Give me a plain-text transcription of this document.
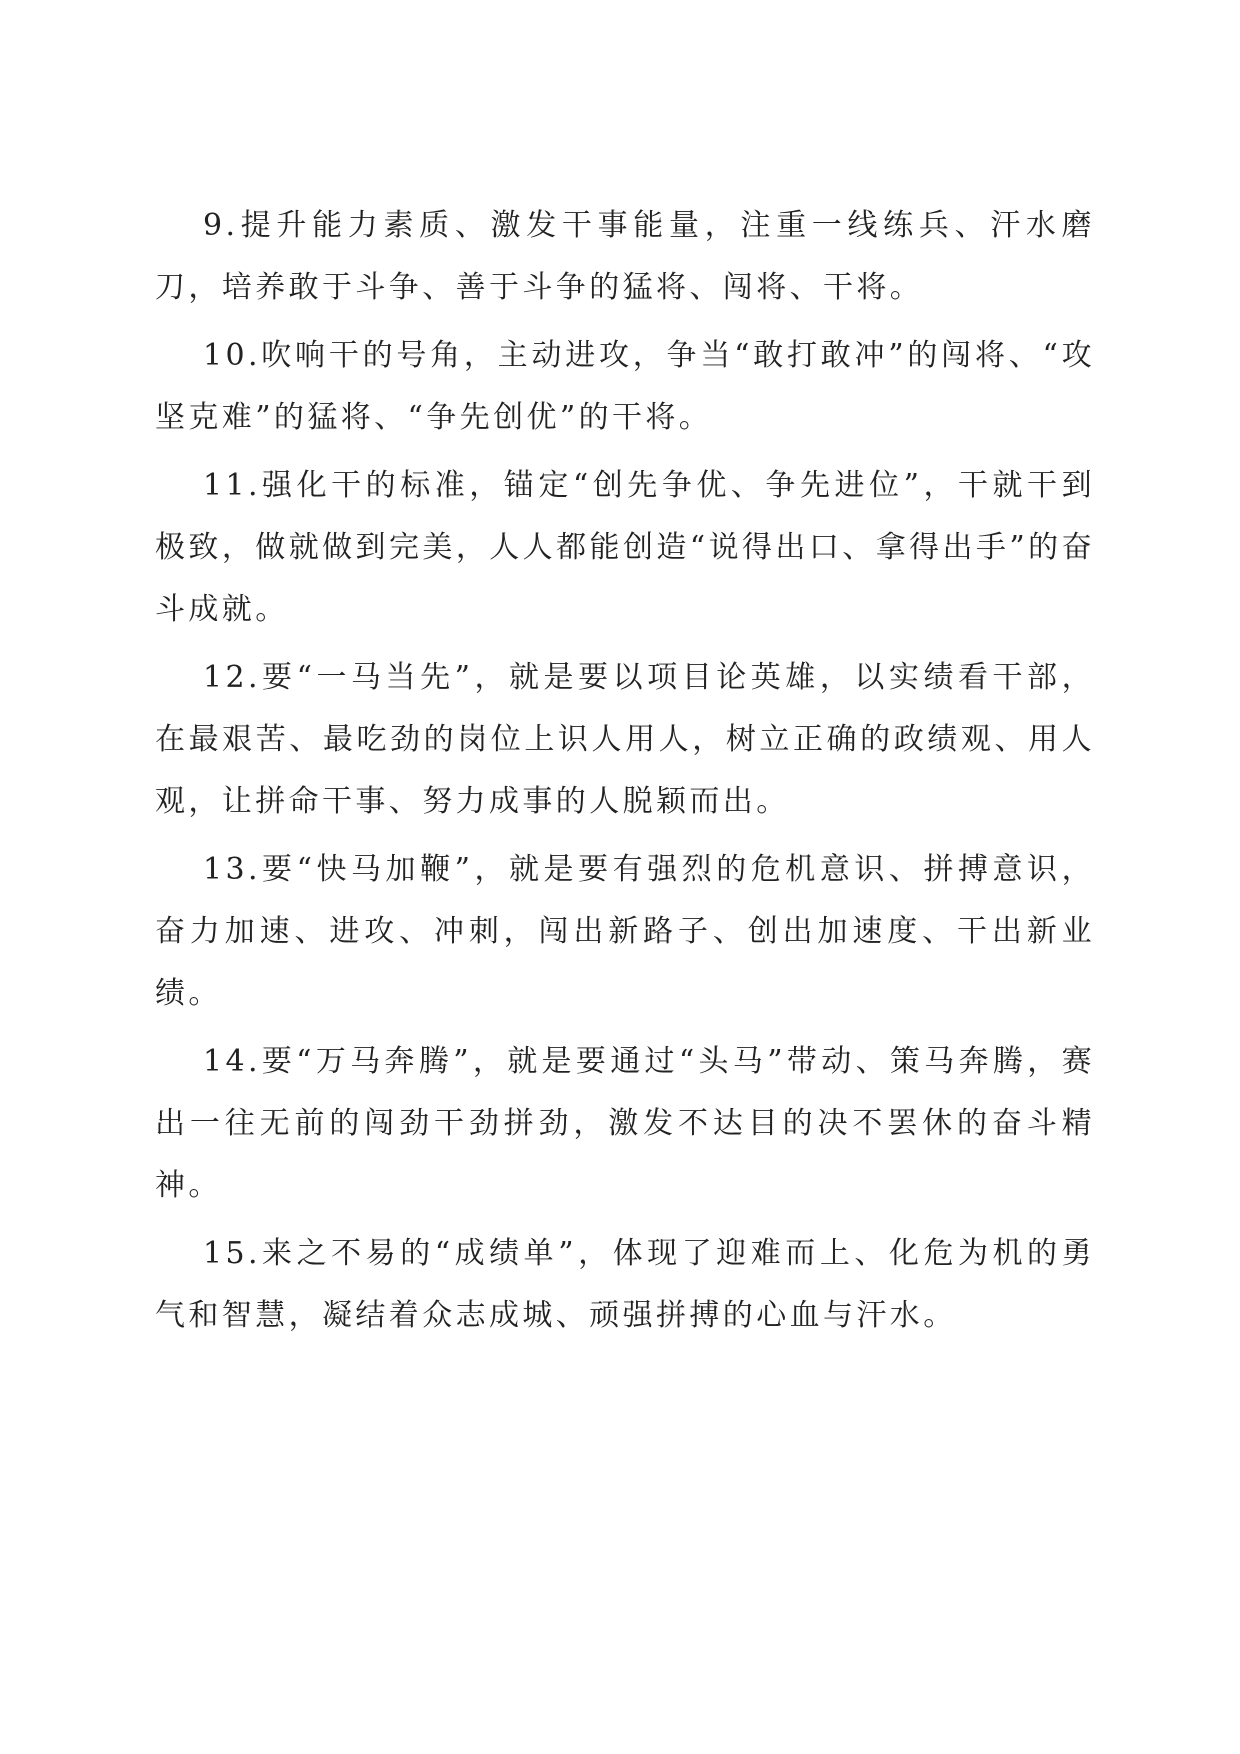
9.提升能力素质、激发干事能量，注重一线练兵、汗水磨刀，培养敢于斗争、善于斗争的猛将、闯将、干将。

10.吹响干的号角，主动进攻，争当“敢打敢冲”的闯将、“攻坚克难”的猛将、“争先创优”的干将。

11.强化干的标准，锚定“创先争优、争先进位”，干就干到极致，做就做到完美，人人都能创造“说得出口、拿得出手”的奋斗成就。

12.要“一马当先”，就是要以项目论英雄，以实绩看干部，在最艰苦、最吃劲的岗位上识人用人，树立正确的政绩观、用人观，让拼命干事、努力成事的人脱颖而出。

13.要“快马加鞭”，就是要有强烈的危机意识、拼搏意识，奋力加速、进攻、冲刺，闯出新路子、创出加速度、干出新业绩。

14.要“万马奔腾”，就是要通过“头马”带动、策马奔腾，赛出一往无前的闯劲干劲拼劲，激发不达目的决不罢休的奋斗精神。

15.来之不易的“成绩单”，体现了迎难而上、化危为机的勇气和智慧，凝结着众志成城、顽强拼搏的心血与汗水。
